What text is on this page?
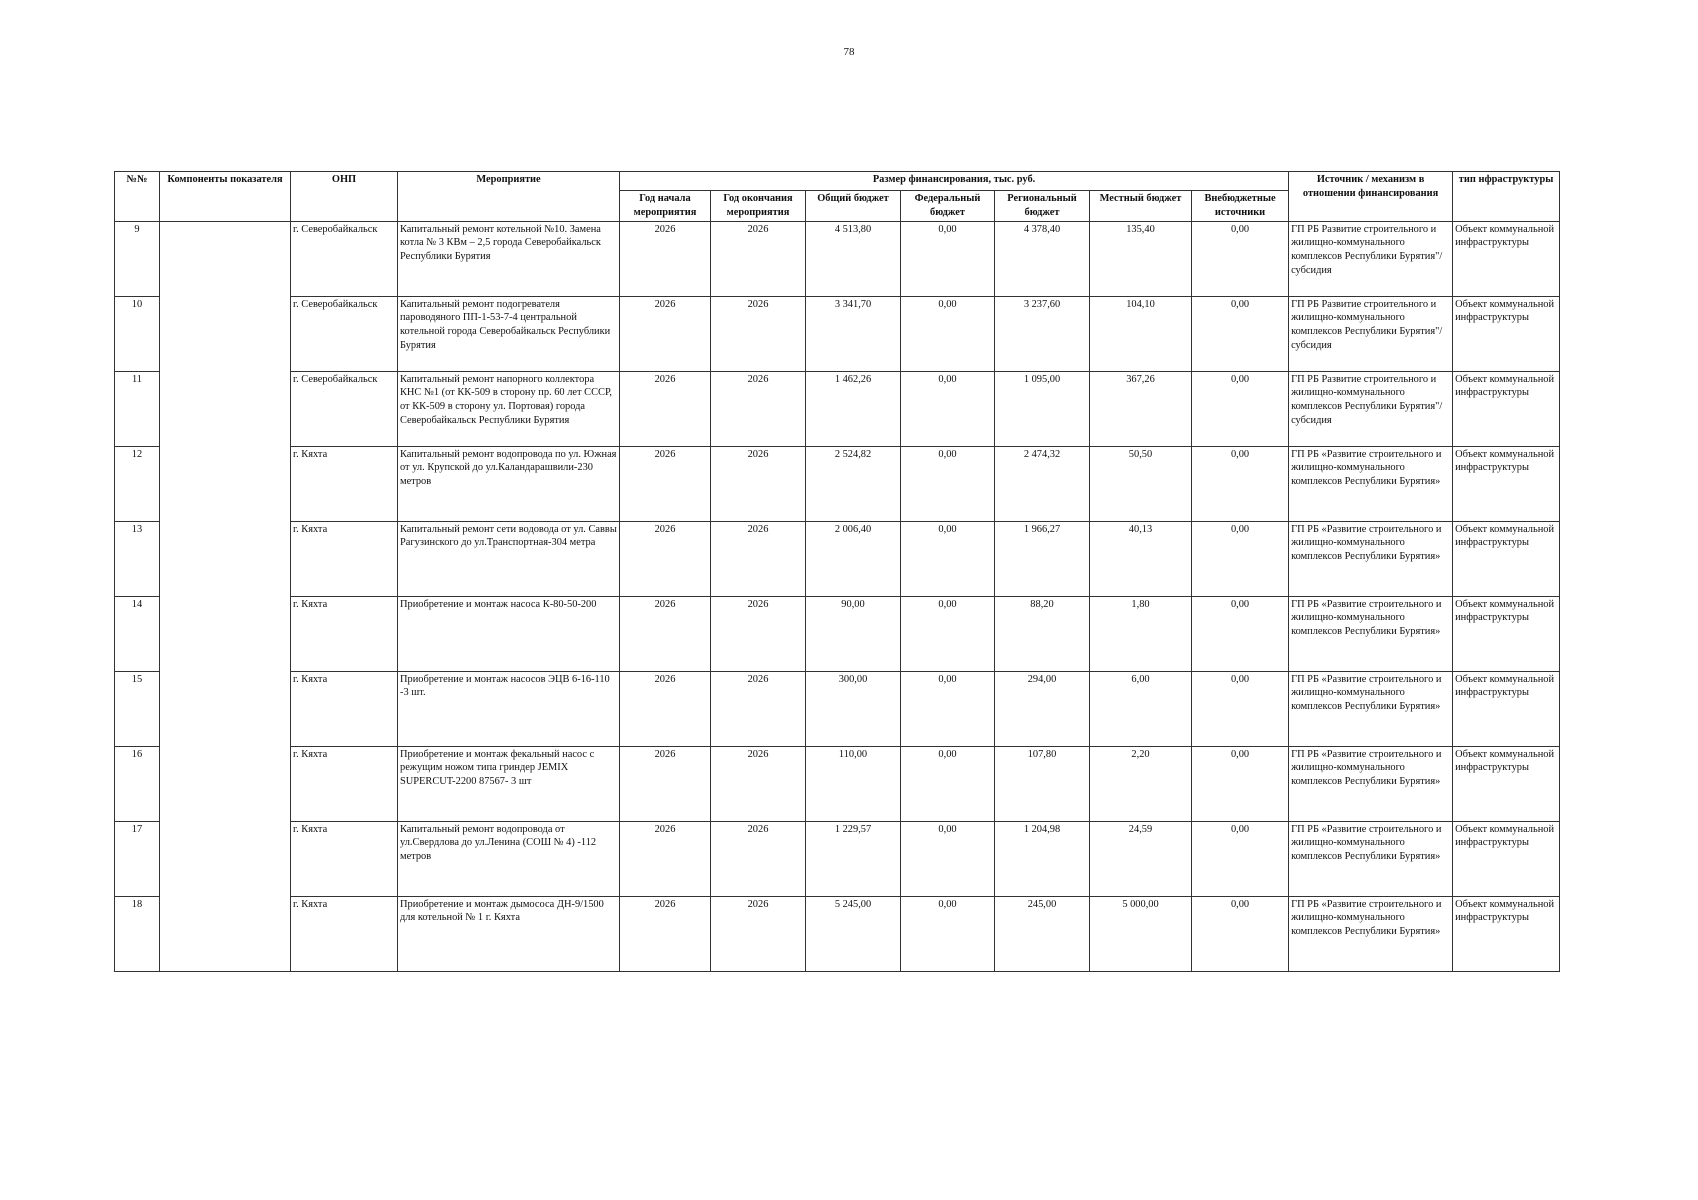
78
№№	Компоненты показателя	ОНП	Мероприятие	Размер финансирования, тыс. руб.							Источник / механизм в отношении финансирования	тип нфраструктуры
				Год начала мероприятия	Год окончания мероприятия	Общий бюджет	Федеральный бюджет	Региональный бюджет	Местный бюджет	Внебюджетные источники		
9		г. Северобайкальск	Капитальный ремонт котельной №10. Замена котла № 3 КВм – 2,5 города Северобайкальск Республики Бурятия	2026	2026	4 513,80	0,00	4 378,40	135,40	0,00	ГП РБ Развитие строительного и жилищно-коммунального комплексов Республики Бурятия"/субсидия	Объект коммунальной инфраструктуры
10		г. Северобайкальск	Капитальный ремонт подогревателя пароводяного ПП-1-53-7-4 центральной котельной города Северобайкальск Республики Бурятия	2026	2026	3 341,70	0,00	3 237,60	104,10	0,00	ГП РБ Развитие строительного и жилищно-коммунального комплексов Республики Бурятия"/субсидия	Объект коммунальной инфраструктуры
11		г. Северобайкальск	Капитальный ремонт напорного коллектора КНС №1 (от КК-509 в сторону пр. 60 лет СССР, от КК-509 в сторону ул. Портовая) города Северобайкальск Республики Бурятия	2026	2026	1 462,26	0,00	1 095,00	367,26	0,00	ГП РБ Развитие строительного и жилищно-коммунального комплексов Республики Бурятия"/субсидия	Объект коммунальной инфраструктуры
12		г. Кяхта	Капитальный ремонт водопровода по ул. Южная от ул. Крупской до ул.Каландарашвили-230 метров	2026	2026	2 524,82	0,00	2 474,32	50,50	0,00	ГП РБ «Развитие строительного и жилищно-коммунального комплексов Республики Бурятия»	Объект коммунальной инфраструктуры
13		г. Кяхта	Капитальный ремонт сети водовода от ул. Саввы Рагузинского до ул.Транспортная-304 метра	2026	2026	2 006,40	0,00	1 966,27	40,13	0,00	ГП РБ «Развитие строительного и жилищно-коммунального комплексов Республики Бурятия»	Объект коммунальной инфраструктуры
14		г. Кяхта	Приобретение и монтаж насоса К-80-50-200	2026	2026	90,00	0,00	88,20	1,80	0,00	ГП РБ «Развитие строительного и жилищно-коммунального комплексов Республики Бурятия»	Объект коммунальной инфраструктуры
15		г. Кяхта	Приобретение и монтаж насосов ЭЦВ 6-16-110 -3 шт.	2026	2026	300,00	0,00	294,00	6,00	0,00	ГП РБ «Развитие строительного и жилищно-коммунального комплексов Республики Бурятия»	Объект коммунальной инфраструктуры
16		г. Кяхта	Приобретение и монтаж фекальный насос с режущим ножом типа гриндер JEMIX SUPERCUT-2200 87567- 3 шт	2026	2026	110,00	0,00	107,80	2,20	0,00	ГП РБ «Развитие строительного и жилищно-коммунального комплексов Республики Бурятия»	Объект коммунальной инфраструктуры
17		г. Кяхта	Капитальный ремонт водопровода от ул.Свердлова до ул.Ленина (СОШ № 4) -112 метров	2026	2026	1 229,57	0,00	1 204,98	24,59	0,00	ГП РБ «Развитие строительного и жилищно-коммунального комплексов Республики Бурятия»	Объект коммунальной инфраструктуры
18		г. Кяхта	Приобретение и монтаж дымососа ДН-9/1500 для котельной № 1 г. Кяхта	2026	2026	5 245,00	0,00	245,00	5 000,00	0,00	ГП РБ «Развитие строительного и жилищно-коммунального комплексов Республики Бурятия»	Объект коммунальной инфраструктуры
